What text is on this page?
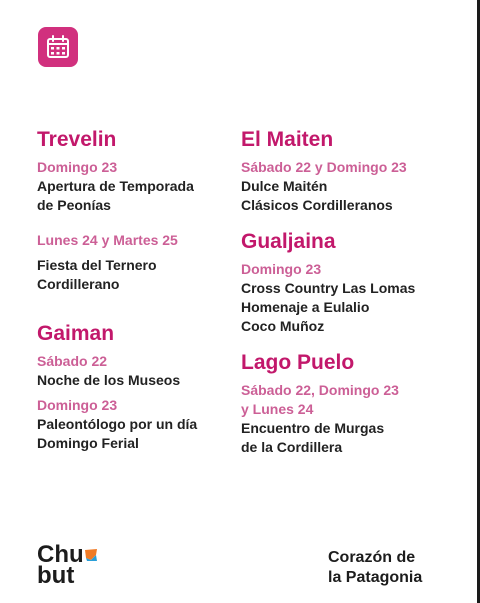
Trevelin

Domingo 23

Apertura de Temporada

de Peonías

Lunes 24 y Martes 25

Fiesta del Ternero

Cordillerano

Gaiman

Sábado 22

Noche de los Museos

Domingo 23

Paleontólogo por un día

Domingo Ferial

El Maiten

Sábado 22 y Domingo 23

Dulce Maitén

Clásicos Cordilleranos

Gualjaina

Domingo 23

Cross Country Las Lomas

Homenaje a Eulalio

Coco Muñoz

Lago Puelo

Sábado 22, Domingo 23

y Lunes 24

Encuentro de Murgas

de la Cordillera

Chu
but
Corazón de
la Patagonia
